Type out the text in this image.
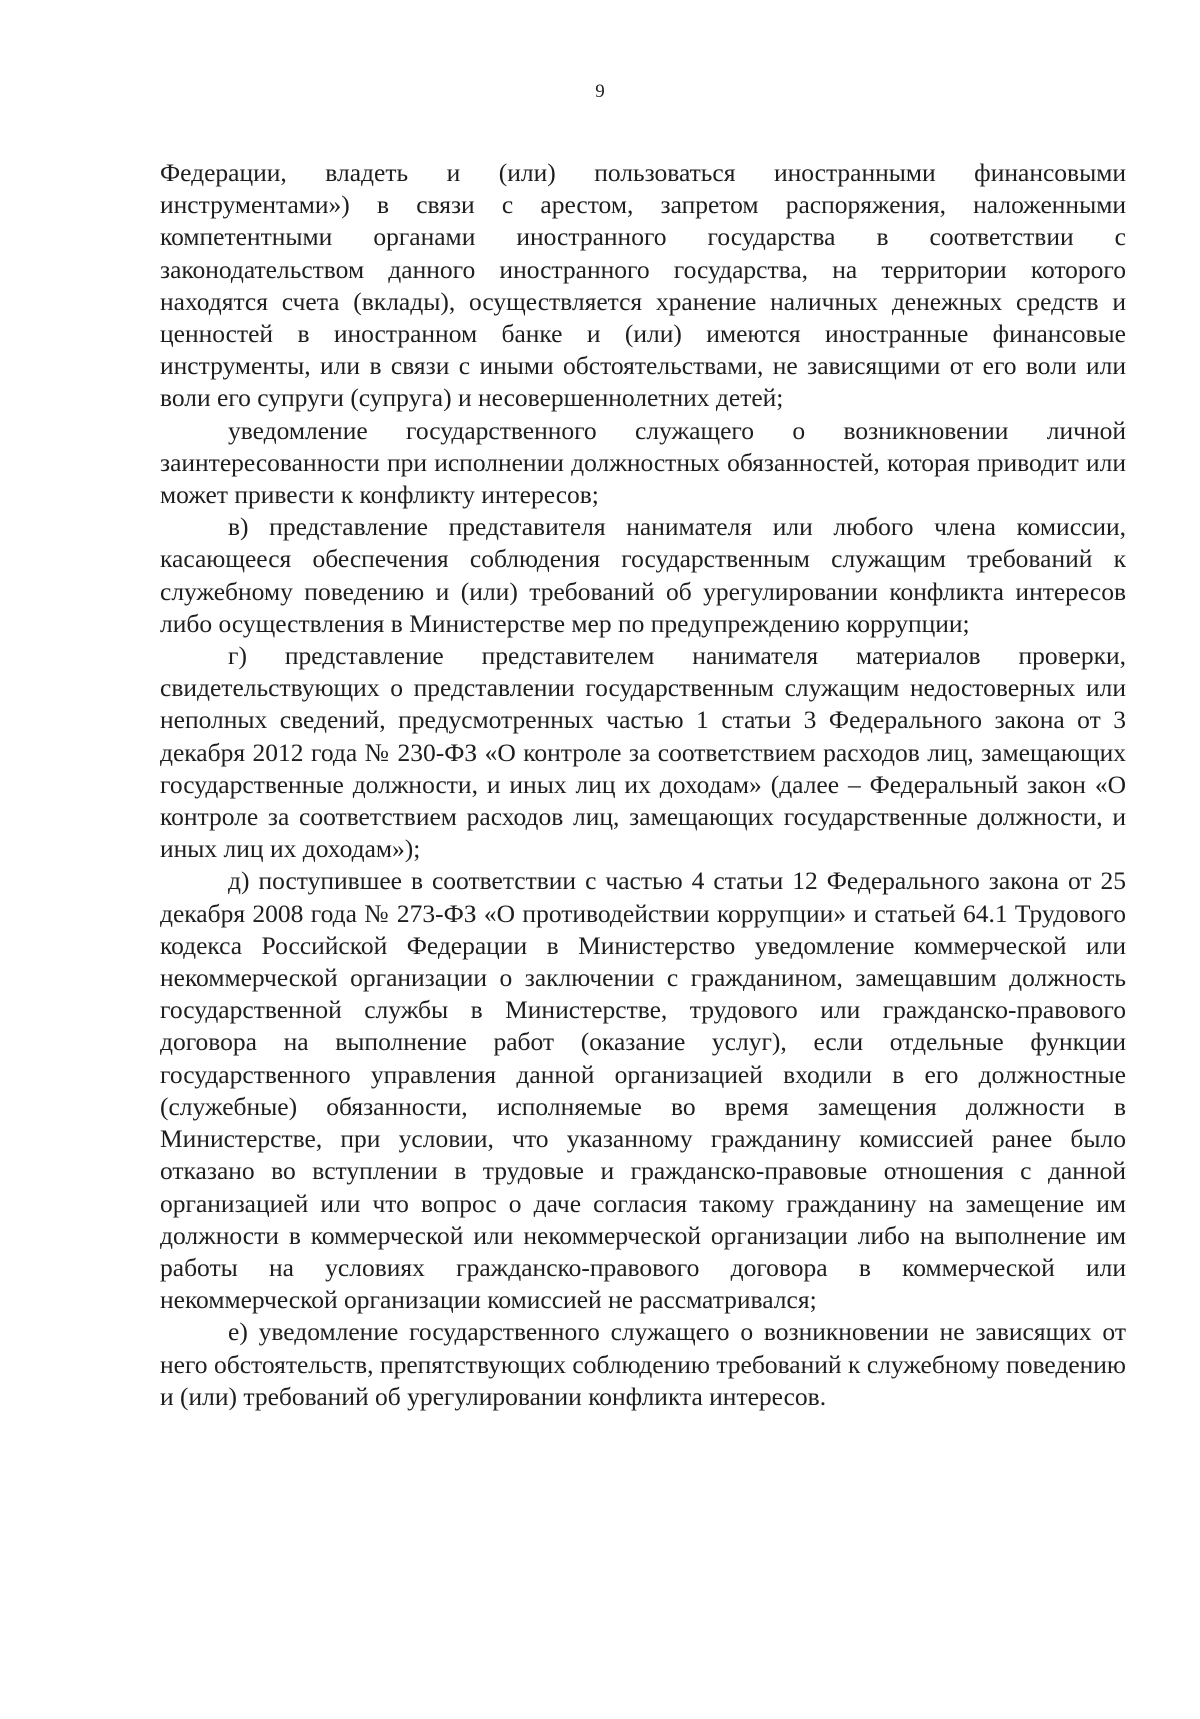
9

Федерации, владеть и (или) пользоваться иностранными финансовыми инструментами») в связи с арестом, запретом распоряжения, наложенными компетентными органами иностранного государства в соответствии с законодательством данного иностранного государства, на территории которого находятся счета (вклады), осуществляется хранение наличных денежных средств и ценностей в иностранном банке и (или) имеются иностранные финансовые инструменты, или в связи с иными обстоятельствами, не зависящими от его воли или воли его супруги (супруга) и несовершеннолетних детей;

уведомление государственного служащего о возникновении личной заинтересованности при исполнении должностных обязанностей, которая приводит или может привести к конфликту интересов;

в) представление представителя нанимателя или любого члена комиссии, касающееся обеспечения соблюдения государственным служащим требований к служебному поведению и (или) требований об урегулировании конфликта интересов либо осуществления в Министерстве мер по предупреждению коррупции;

г) представление представителем нанимателя материалов проверки, свидетельствующих о представлении государственным служащим недостоверных или неполных сведений, предусмотренных частью 1 статьи 3 Федерального закона от 3 декабря 2012 года № 230-ФЗ «О контроле за соответствием расходов лиц, замещающих государственные должности, и иных лиц их доходам» (далее – Федеральный закон «О контроле за соответствием расходов лиц, замещающих государственные должности, и иных лиц их доходам»);

д) поступившее в соответствии с частью 4 статьи 12 Федерального закона от 25 декабря 2008 года № 273-ФЗ «О противодействии коррупции» и статьей 64.1 Трудового кодекса Российской Федерации в Министерство уведомление коммерческой или некоммерческой организации о заключении с гражданином, замещавшим должность государственной службы в Министерстве, трудового или гражданско-правового договора на выполнение работ (оказание услуг), если отдельные функции государственного управления данной организацией входили в его должностные (служебные) обязанности, исполняемые во время замещения должности в Министерстве, при условии, что указанному гражданину комиссией ранее было отказано во вступлении в трудовые и гражданско-правовые отношения с данной организацией или что вопрос о даче согласия такому гражданину на замещение им должности в коммерческой или некоммерческой организации либо на выполнение им работы на условиях гражданско-правового договора в коммерческой или некоммерческой организации комиссией не рассматривался;

е) уведомление государственного служащего о возникновении не зависящих от него обстоятельств, препятствующих соблюдению требований к служебному поведению и (или) требований об урегулировании конфликта интересов.
